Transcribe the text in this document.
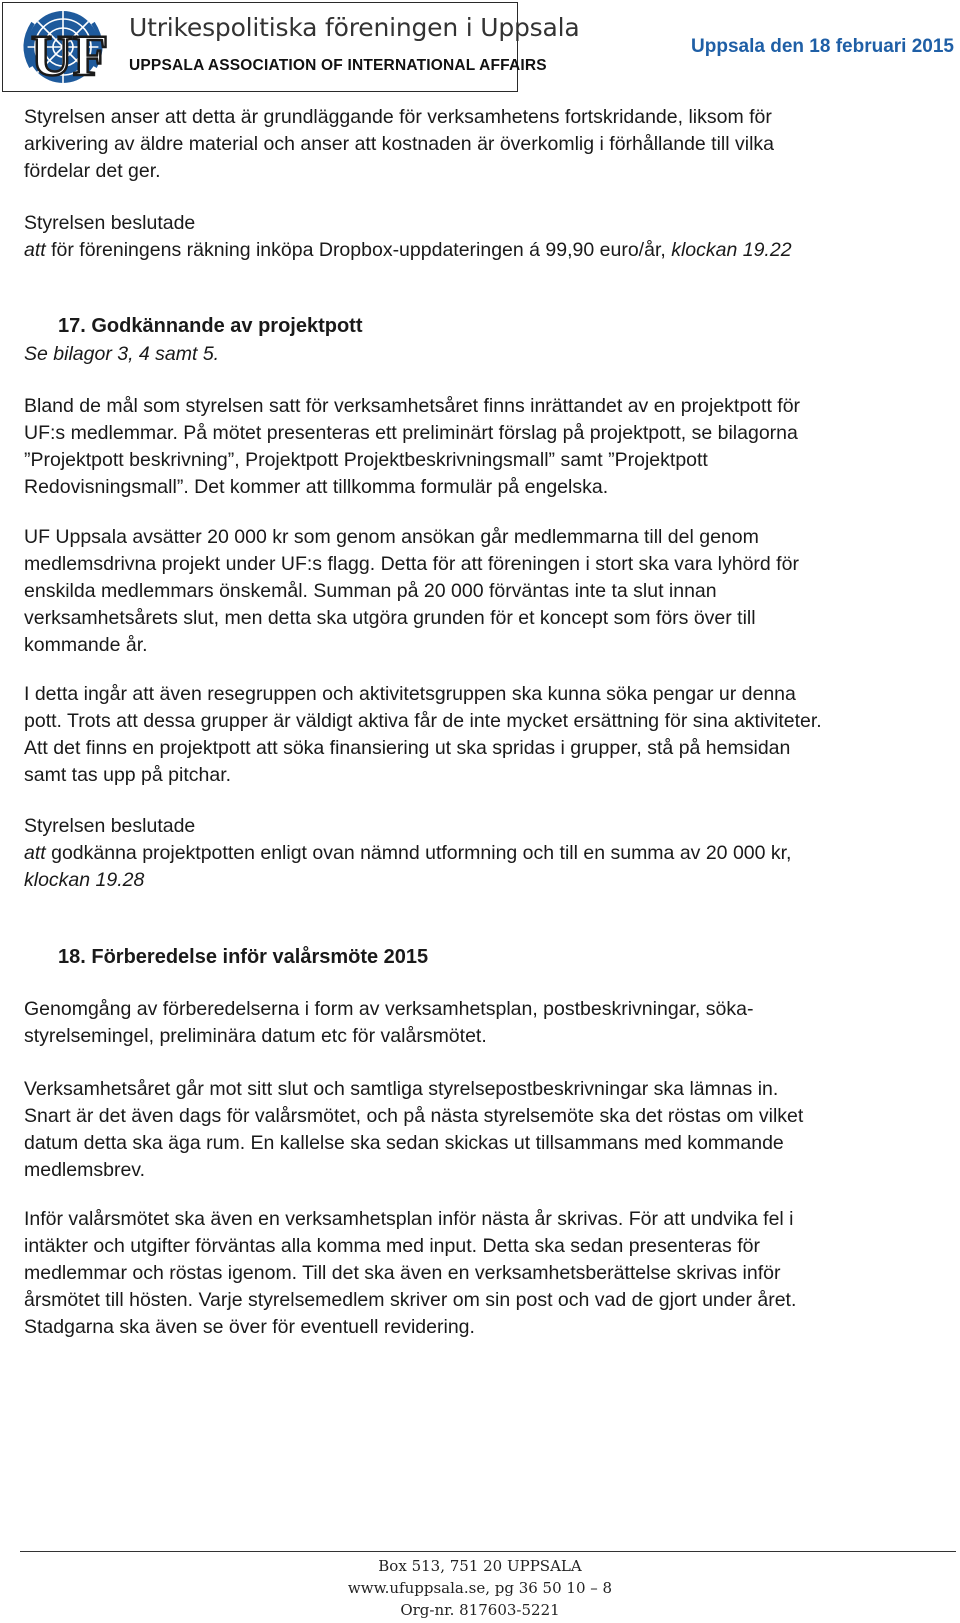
UF Utrikespolitiska föreningen i Uppsala
UPPSALA ASSOCIATION OF INTERNATIONAL AFFAIRS
Uppsala den 18 februari 2015
Styrelsen anser att detta är grundläggande för verksamhetens fortskridande, liksom för
arkivering av äldre material och anser att kostnaden är överkomlig i förhållande till vilka
fördelar det ger.
Styrelsen beslutade
att för föreningens räkning inköpa Dropbox-uppdateringen á 99,90 euro/år, klockan 19.22
17. Godkännande av projektpott
Se bilagor 3, 4 samt 5.
Bland de mål som styrelsen satt för verksamhetsåret finns inrättandet av en projektpott för
UF:s medlemmar. På mötet presenteras ett preliminärt förslag på projektpott, se bilagorna
”Projektpott beskrivning”, Projektpott Projektbeskrivningsmall” samt ”Projektpott
Redovisningsmall”. Det kommer att tillkomma formulär på engelska.
UF Uppsala avsätter 20 000 kr som genom ansökan går medlemmarna till del genom
medlemsdrivna projekt under UF:s flagg. Detta för att föreningen i stort ska vara lyhörd för
enskilda medlemmars önskemål. Summan på 20 000 förväntas inte ta slut innan
verksamhetsårets slut, men detta ska utgöra grunden för et koncept som förs över till
kommande år.
I detta ingår att även resegruppen och aktivitetsgruppen ska kunna söka pengar ur denna
pott. Trots att dessa grupper är väldigt aktiva får de inte mycket ersättning för sina aktiviteter.
Att det finns en projektpott att söka finansiering ut ska spridas i grupper, stå på hemsidan
samt tas upp på pitchar.
Styrelsen beslutade
att godkänna projektpotten enligt ovan nämnd utformning och till en summa av 20 000 kr,
klockan 19.28
18. Förberedelse inför valårsmöte 2015
Genomgång av förberedelserna i form av verksamhetsplan, postbeskrivningar, söka-
styrelsemingel, preliminära datum etc för valårsmötet.
Verksamhetsåret går mot sitt slut och samtliga styrelsepostbeskrivningar ska lämnas in.
Snart är det även dags för valårsmötet, och på nästa styrelsemöte ska det röstas om vilket
datum detta ska äga rum. En kallelse ska sedan skickas ut tillsammans med kommande
medlemsbrev.
Inför valårsmötet ska även en verksamhetsplan inför nästa år skrivas. För att undvika fel i
intäkter och utgifter förväntas alla komma med input. Detta ska sedan presenteras för
medlemmar och röstas igenom. Till det ska även en verksamhetsberättelse skrivas inför
årsmötet till hösten. Varje styrelsemedlem skriver om sin post och vad de gjort under året.
Stadgarna ska även se över för eventuell revidering.
Box 513, 751 20 UPPSALA
www.ufuppsala.se, pg 36 50 10 – 8
Org-nr. 817603-5221
